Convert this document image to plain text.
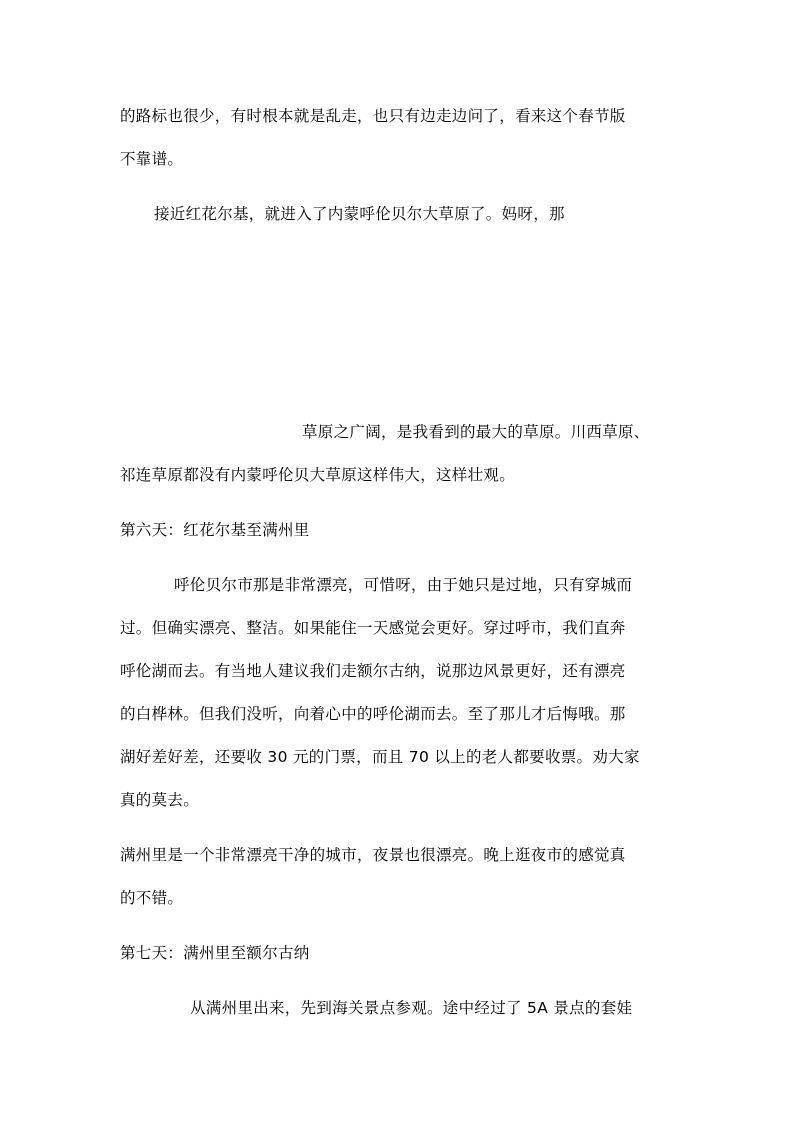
的路标也很少，有时根本就是乱走，也只有边走边问了，看来这个春节版
不靠谱。
接近红花尔基，就进入了内蒙呼伦贝尔大草原了。妈呀，那
草原之广阔，是我看到的最大的草原。川西草原、
祁连草原都没有内蒙呼伦贝大草原这样伟大，这样壮观。
第六天：红花尔基至满州里
呼伦贝尔市那是非常漂亮，可惜呀，由于她只是过地，只有穿城而
过。但确实漂亮、整洁。如果能住一天感觉会更好。穿过呼市，我们直奔
呼伦湖而去。有当地人建议我们走额尔古纳，说那边风景更好，还有漂亮
的白桦林。但我们没听，向着心中的呼伦湖而去。至了那儿才后悔哦。那
湖好差好差，还要收 30 元的门票，而且 70 以上的老人都要收票。劝大家
真的莫去。
满州里是一个非常漂亮干净的城市，夜景也很漂亮。晚上逛夜市的感觉真
的不错。
第七天：满州里至额尔古纳
从满州里出来，先到海关景点参观。途中经过了 5A 景点的套娃
